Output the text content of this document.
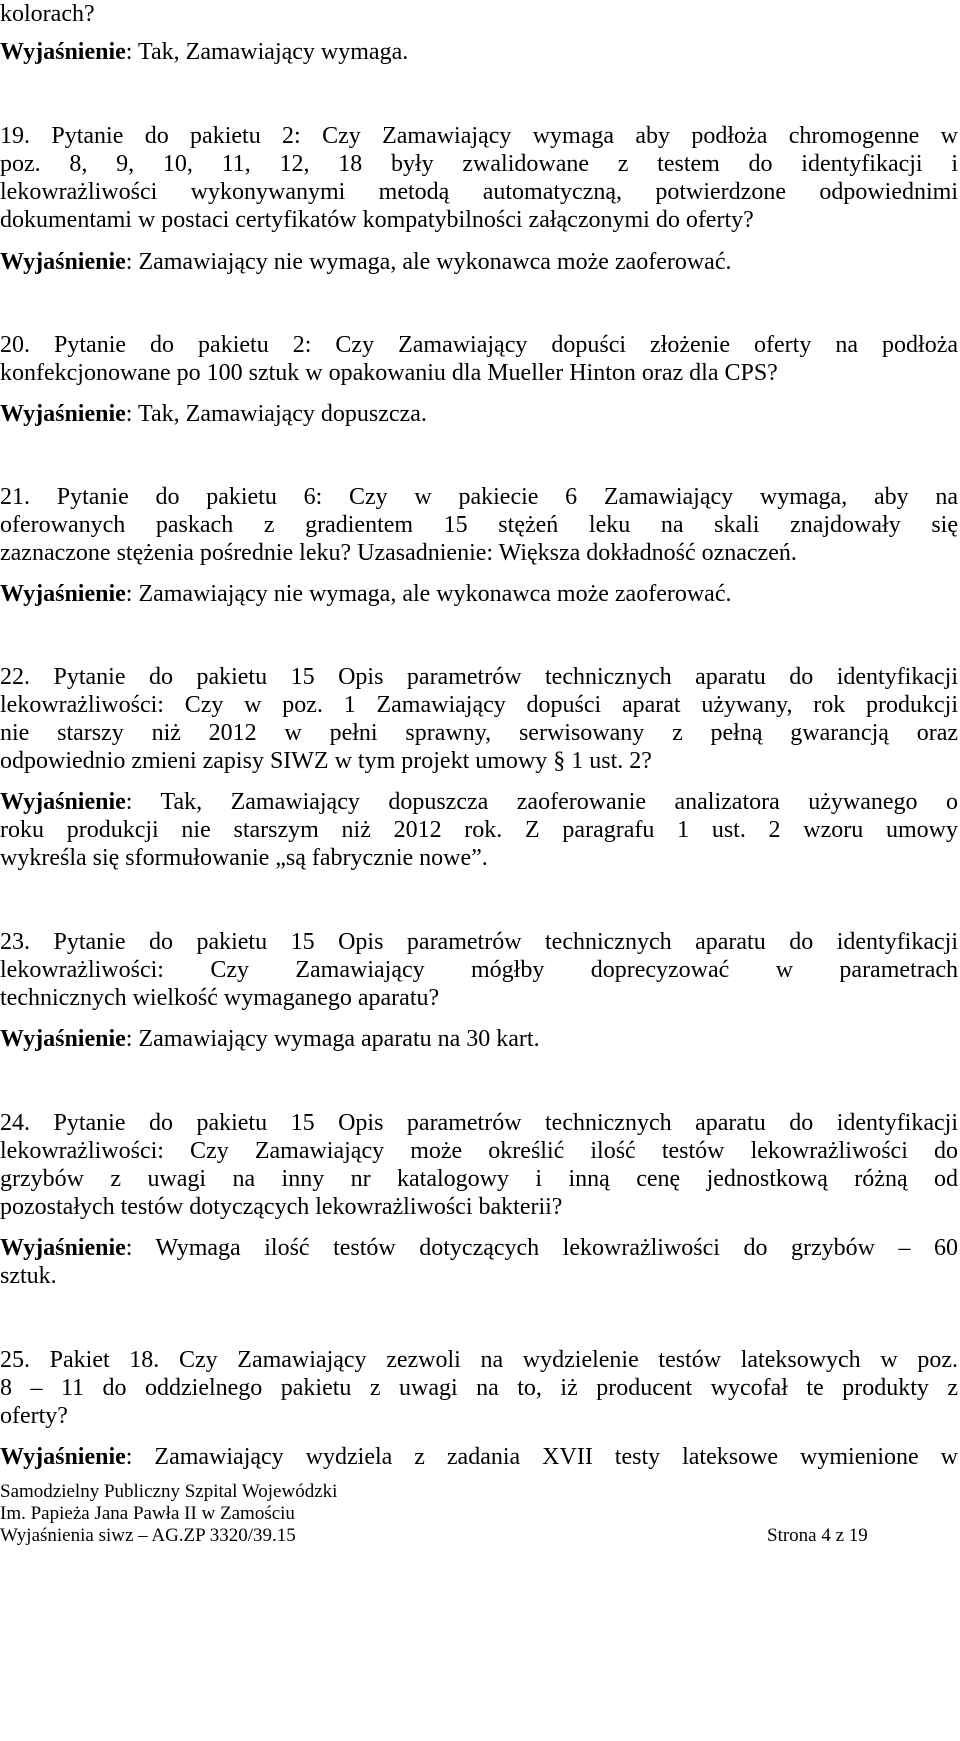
kolorach?
Wyjaśnienie: Tak, Zamawiający wymaga.
19. Pytanie do pakietu 2: Czy Zamawiający wymaga aby podłoża chromogenne w
poz. 8, 9, 10, 11, 12, 18 były zwalidowane z testem do identyfikacji i
lekowrażliwości wykonywanymi metodą automatyczną, potwierdzone odpowiednimi
dokumentami w postaci certyfikatów kompatybilności załączonymi do oferty?
Wyjaśnienie: Zamawiający nie wymaga, ale wykonawca może zaoferować.
20. Pytanie do pakietu 2: Czy Zamawiający dopuści złożenie oferty na podłoża
konfekcjonowane po 100 sztuk w opakowaniu dla Mueller Hinton oraz dla CPS?
Wyjaśnienie: Tak, Zamawiający dopuszcza.
21. Pytanie do pakietu 6: Czy w pakiecie 6 Zamawiający wymaga, aby na
oferowanych paskach z gradientem 15 stężeń leku na skali znajdowały się
zaznaczone stężenia pośrednie leku? Uzasadnienie: Większa dokładność oznaczeń.
Wyjaśnienie: Zamawiający nie wymaga, ale wykonawca może zaoferować.
22. Pytanie do pakietu 15 Opis parametrów technicznych aparatu do identyfikacji
lekowrażliwości: Czy w poz. 1 Zamawiający dopuści aparat używany, rok produkcji
nie starszy niż 2012 w pełni sprawny, serwisowany z pełną gwarancją oraz
odpowiednio zmieni zapisy SIWZ w tym projekt umowy § 1 ust. 2?
Wyjaśnienie: Tak, Zamawiający dopuszcza zaoferowanie analizatora używanego o
roku produkcji nie starszym niż 2012 rok. Z paragrafu 1 ust. 2 wzoru umowy
wykreśla się sformułowanie „są fabrycznie nowe”.
23. Pytanie do pakietu 15 Opis parametrów technicznych aparatu do identyfikacji
lekowrażliwości: Czy Zamawiający mógłby doprecyzować w parametrach
technicznych wielkość wymaganego aparatu?
Wyjaśnienie: Zamawiający wymaga aparatu na 30 kart.
24. Pytanie do pakietu 15 Opis parametrów technicznych aparatu do identyfikacji
lekowrażliwości: Czy Zamawiający może określić ilość testów lekowrażliwości do
grzybów z uwagi na inny nr katalogowy i inną cenę jednostkową różną od
pozostałych testów dotyczących lekowrażliwości bakterii?
Wyjaśnienie: Wymaga ilość testów dotyczących lekowrażliwości do grzybów – 60
sztuk.
25. Pakiet 18. Czy Zamawiający zezwoli na wydzielenie testów lateksowych w poz.
8 – 11 do oddzielnego pakietu z uwagi na to, iż producent wycofał te produkty z
oferty?
Wyjaśnienie: Zamawiający wydziela z zadania XVII testy lateksowe wymienione w
Samodzielny Publiczny Szpital Wojewódzki
Im. Papieża Jana Pawła II w Zamościu
Wyjaśnienia siwz – AG.ZP 3320/39.15	Strona 4 z 19
